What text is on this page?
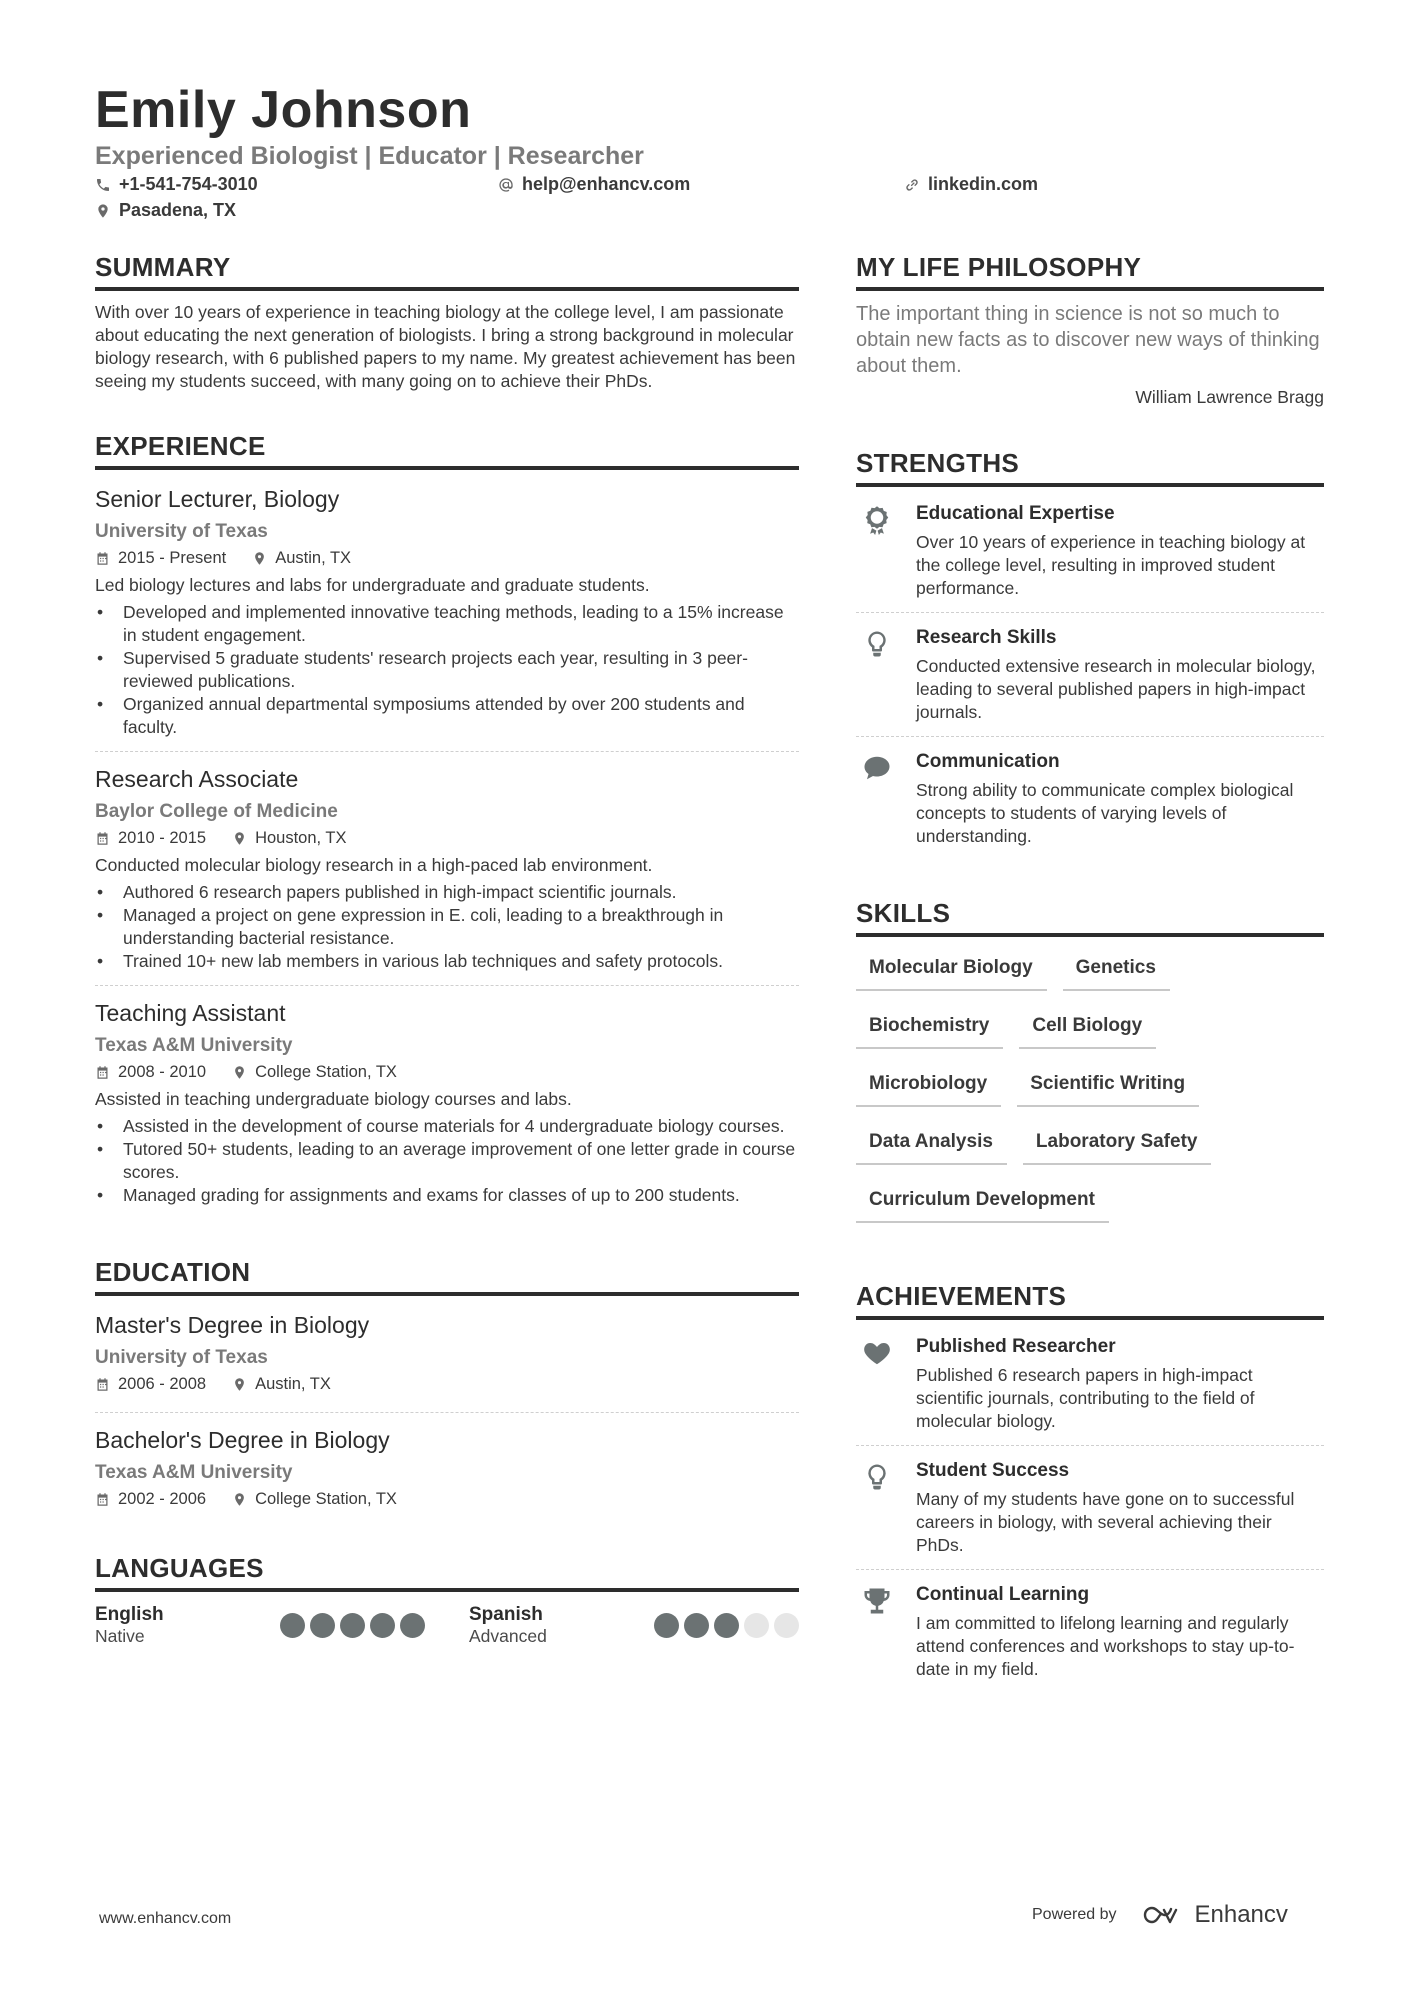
Emily Johnson
Experienced Biologist | Educator | Researcher
+1-541-754-3010	help@enhancv.com	linkedin.com
Pasadena, TX
SUMMARY
With over 10 years of experience in teaching biology at the college level, I am passionate about educating the next generation of biologists. I bring a strong background in molecular biology research, with 6 published papers to my name. My greatest achievement has been seeing my students succeed, with many going on to achieve their PhDs.
EXPERIENCE
Senior Lecturer, Biology
University of Texas
2015 - Present	Austin, TX
Led biology lectures and labs for undergraduate and graduate students.
• Developed and implemented innovative teaching methods, leading to a 15% increase in student engagement.
• Supervised 5 graduate students' research projects each year, resulting in 3 peer-reviewed publications.
• Organized annual departmental symposiums attended by over 200 students and faculty.
Research Associate
Baylor College of Medicine
2010 - 2015	Houston, TX
Conducted molecular biology research in a high-paced lab environment.
• Authored 6 research papers published in high-impact scientific journals.
• Managed a project on gene expression in E. coli, leading to a breakthrough in understanding bacterial resistance.
• Trained 10+ new lab members in various lab techniques and safety protocols.
Teaching Assistant
Texas A&M University
2008 - 2010	College Station, TX
Assisted in teaching undergraduate biology courses and labs.
• Assisted in the development of course materials for 4 undergraduate biology courses.
• Tutored 50+ students, leading to an average improvement of one letter grade in course scores.
• Managed grading for assignments and exams for classes of up to 200 students.
EDUCATION
Master's Degree in Biology
University of Texas
2006 - 2008	Austin, TX
Bachelor's Degree in Biology
Texas A&M University
2002 - 2006	College Station, TX
LANGUAGES
English
Native
Spanish
Advanced
MY LIFE PHILOSOPHY
The important thing in science is not so much to obtain new facts as to discover new ways of thinking about them.
William Lawrence Bragg
STRENGTHS
Educational Expertise
Over 10 years of experience in teaching biology at the college level, resulting in improved student performance.
Research Skills
Conducted extensive research in molecular biology, leading to several published papers in high-impact journals.
Communication
Strong ability to communicate complex biological concepts to students of varying levels of understanding.
SKILLS
Molecular Biology	Genetics
Biochemistry	Cell Biology
Microbiology	Scientific Writing
Data Analysis	Laboratory Safety
Curriculum Development
ACHIEVEMENTS
Published Researcher
Published 6 research papers in high-impact scientific journals, contributing to the field of molecular biology.
Student Success
Many of my students have gone on to successful careers in biology, with several achieving their PhDs.
Continual Learning
I am committed to lifelong learning and regularly attend conferences and workshops to stay up-to-date in my field.
www.enhancv.com	Powered by	Enhancv
